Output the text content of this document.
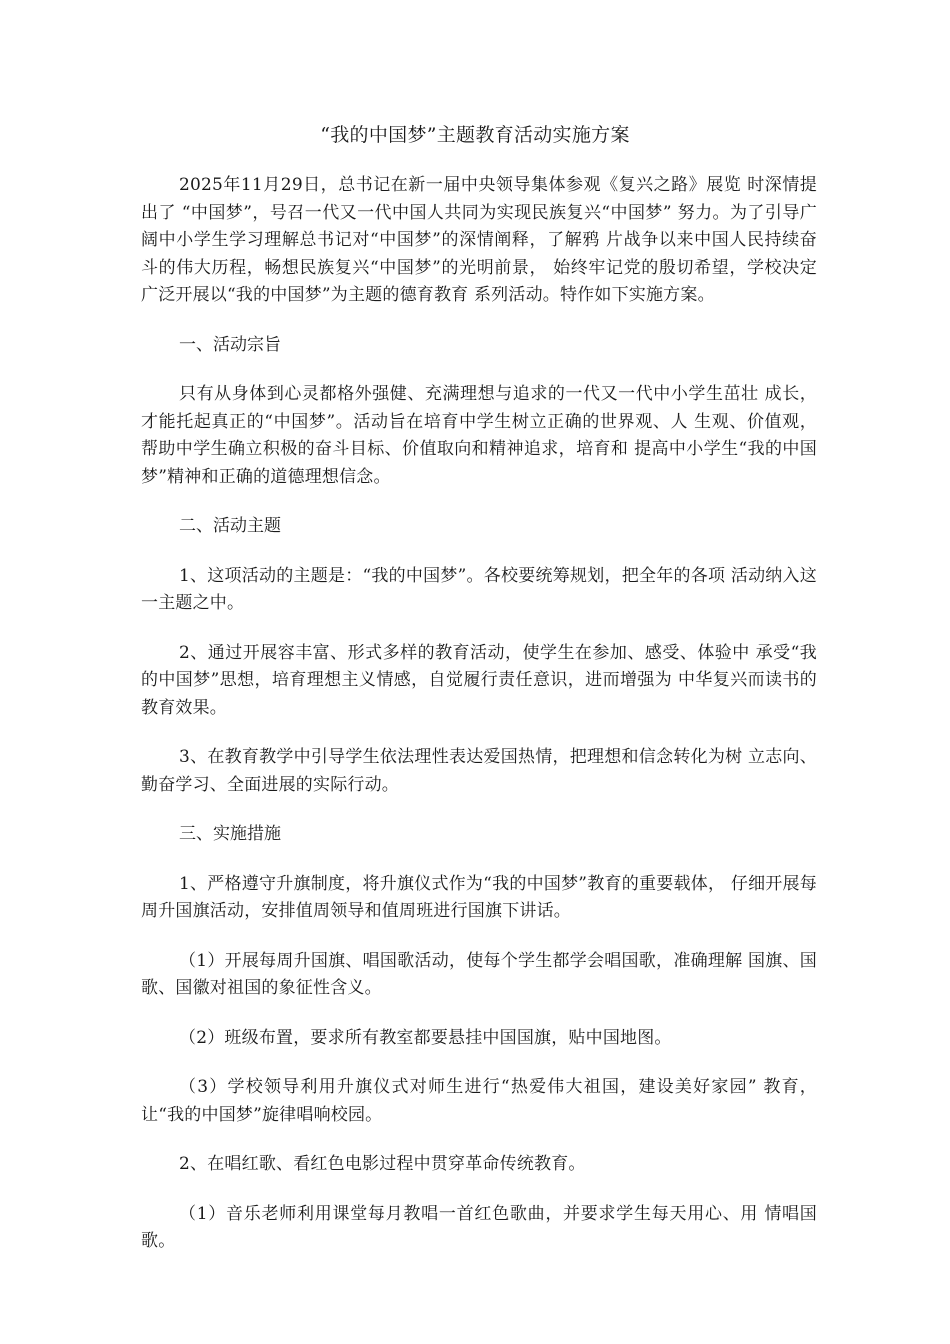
“我的中国梦”主题教育活动实施方案

2025年11月29日，总书记在新一届中央领导集体参观《复兴之路》展览 时深情提出了 “中国梦”，号召一代又一代中国人共同为实现民族复兴“中国梦” 努力。为了引导广阔中小学生学习理解总书记对“中国梦”的深情阐释，了解鸦 片战争以来中国人民持续奋斗的伟大历程，畅想民族复兴“中国梦”的光明前景， 始终牢记党的殷切希望，学校决定广泛开展以“我的中国梦”为主题的德育教育 系列活动。特作如下实施方案。

一、活动宗旨

只有从身体到心灵都格外强健、充满理想与追求的一代又一代中小学生茁壮 成长，才能托起真正的“中国梦”。活动旨在培育中学生树立正确的世界观、人 生观、价值观，帮助中学生确立积极的奋斗目标、价值取向和精神追求，培育和 提高中小学生“我的中国梦”精神和正确的道德理想信念。

二、活动主题

1、这项活动的主题是：“我的中国梦”。各校要统筹规划，把全年的各项 活动纳入这一主题之中。

2、通过开展容丰富、形式多样的教育活动，使学生在参加、感受、体验中 承受“我的中国梦”思想，培育理想主义情感，自觉履行责任意识，进而增强为 中华复兴而读书的教育效果。

3、在教育教学中引导学生依法理性表达爱国热情，把理想和信念转化为树 立志向、勤奋学习、全面进展的实际行动。

三、实施措施

1、严格遵守升旗制度，将升旗仪式作为“我的中国梦”教育的重要载体， 仔细开展每周升国旗活动，安排值周领导和值周班进行国旗下讲话。

（1）开展每周升国旗、唱国歌活动，使每个学生都学会唱国歌，准确理解 国旗、国歌、国徽对祖国的象征性含义。

（2）班级布置，要求所有教室都要悬挂中国国旗，贴中国地图。

（3）学校领导利用升旗仪式对师生进行“热爱伟大祖国，建设美好家园” 教育，让“我的中国梦”旋律唱响校园。

2、在唱红歌、看红色电影过程中贯穿革命传统教育。

（1）音乐老师利用课堂每月教唱一首红色歌曲，并要求学生每天用心、用 情唱国歌。
